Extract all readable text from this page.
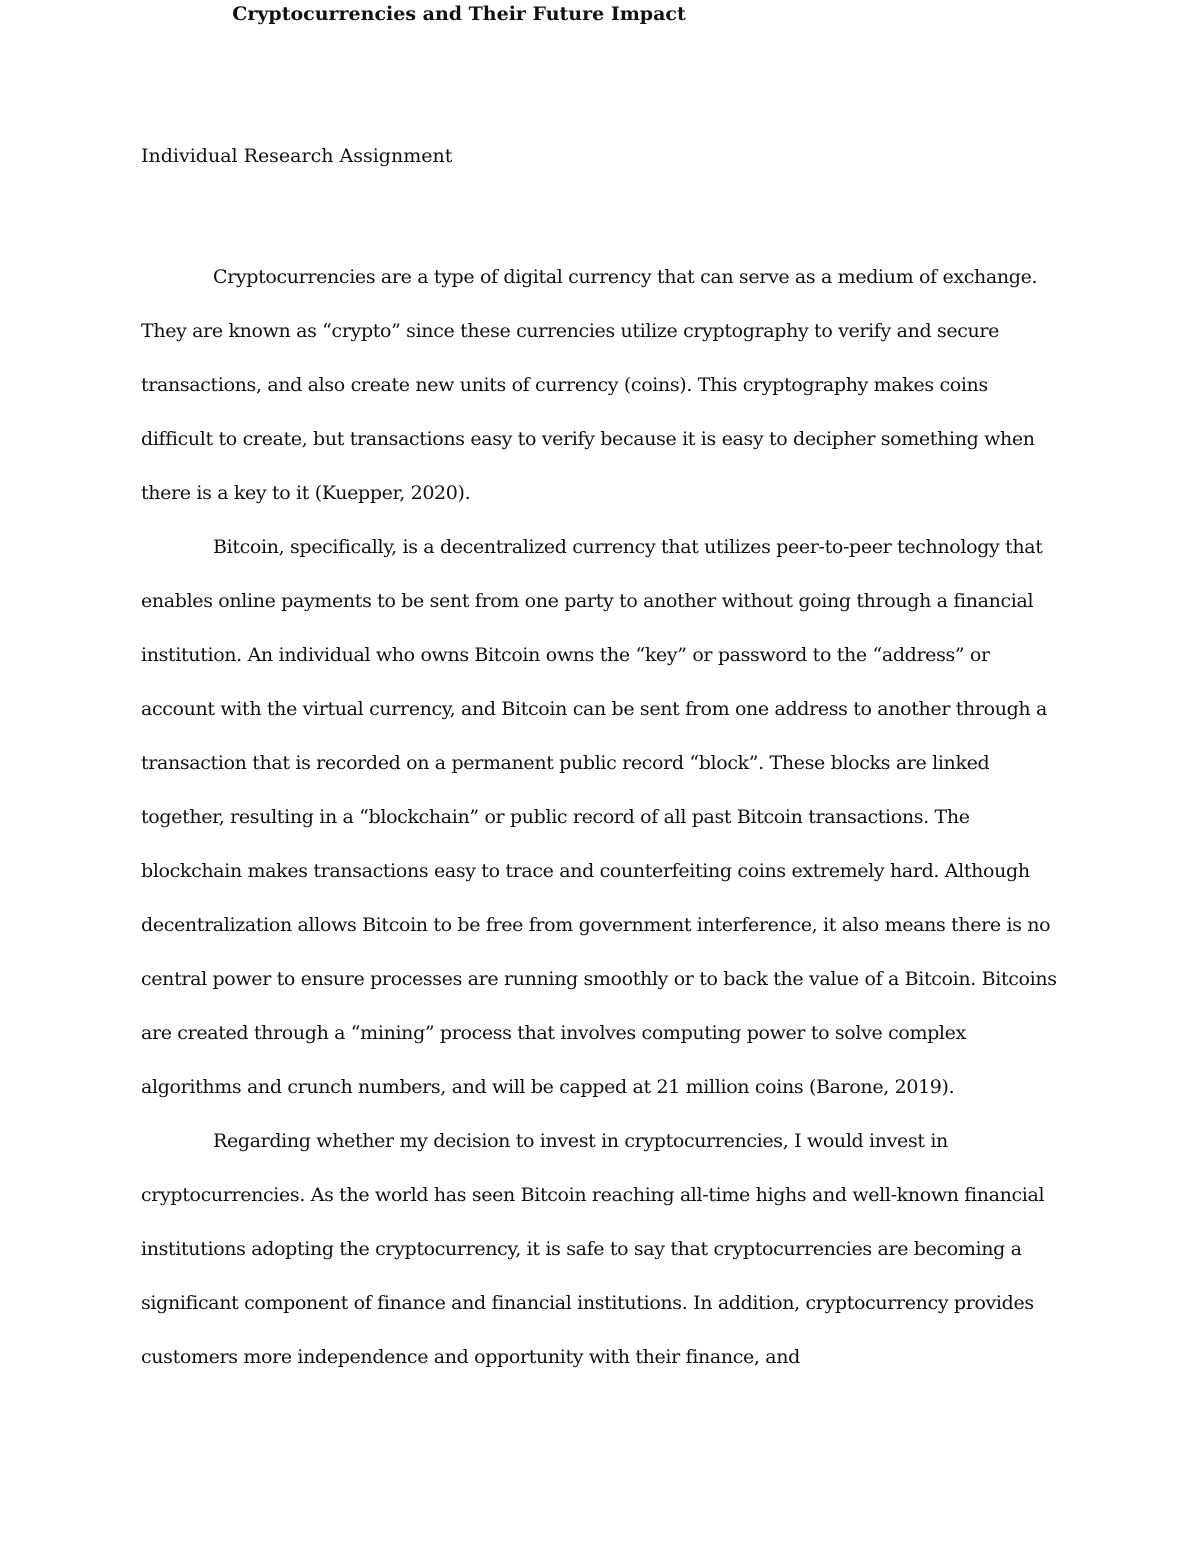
Individual Research Assignment
Cryptocurrencies and Their Future Impact

Cryptocurrencies are a type of digital currency that can serve as a medium of exchange. They are known as “crypto” since these currencies utilize cryptography to verify and secure transactions, and also create new units of currency (coins). This cryptography makes coins difficult to create, but transactions easy to verify because it is easy to decipher something when there is a key to it (Kuepper, 2020).

Bitcoin, specifically, is a decentralized currency that utilizes peer-to-peer technology that enables online payments to be sent from one party to another without going through a financial institution. An individual who owns Bitcoin owns the “key” or password to the “address” or account with the virtual currency, and Bitcoin can be sent from one address to another through a transaction that is recorded on a permanent public record “block”. These blocks are linked together, resulting in a “blockchain” or public record of all past Bitcoin transactions. The blockchain makes transactions easy to trace and counterfeiting coins extremely hard. Although decentralization allows Bitcoin to be free from government interference, it also means there is no central power to ensure processes are running smoothly or to back the value of a Bitcoin. Bitcoins are created through a “mining” process that involves computing power to solve complex algorithms and crunch numbers, and will be capped at 21 million coins (Barone, 2019).

Regarding whether my decision to invest in cryptocurrencies, I would invest in cryptocurrencies. As the world has seen Bitcoin reaching all-time highs and well-known financial institutions adopting the cryptocurrency, it is safe to say that cryptocurrencies are becoming a significant component of finance and financial institutions. In addition, cryptocurrency provides customers more independence and opportunity with their finance, and
